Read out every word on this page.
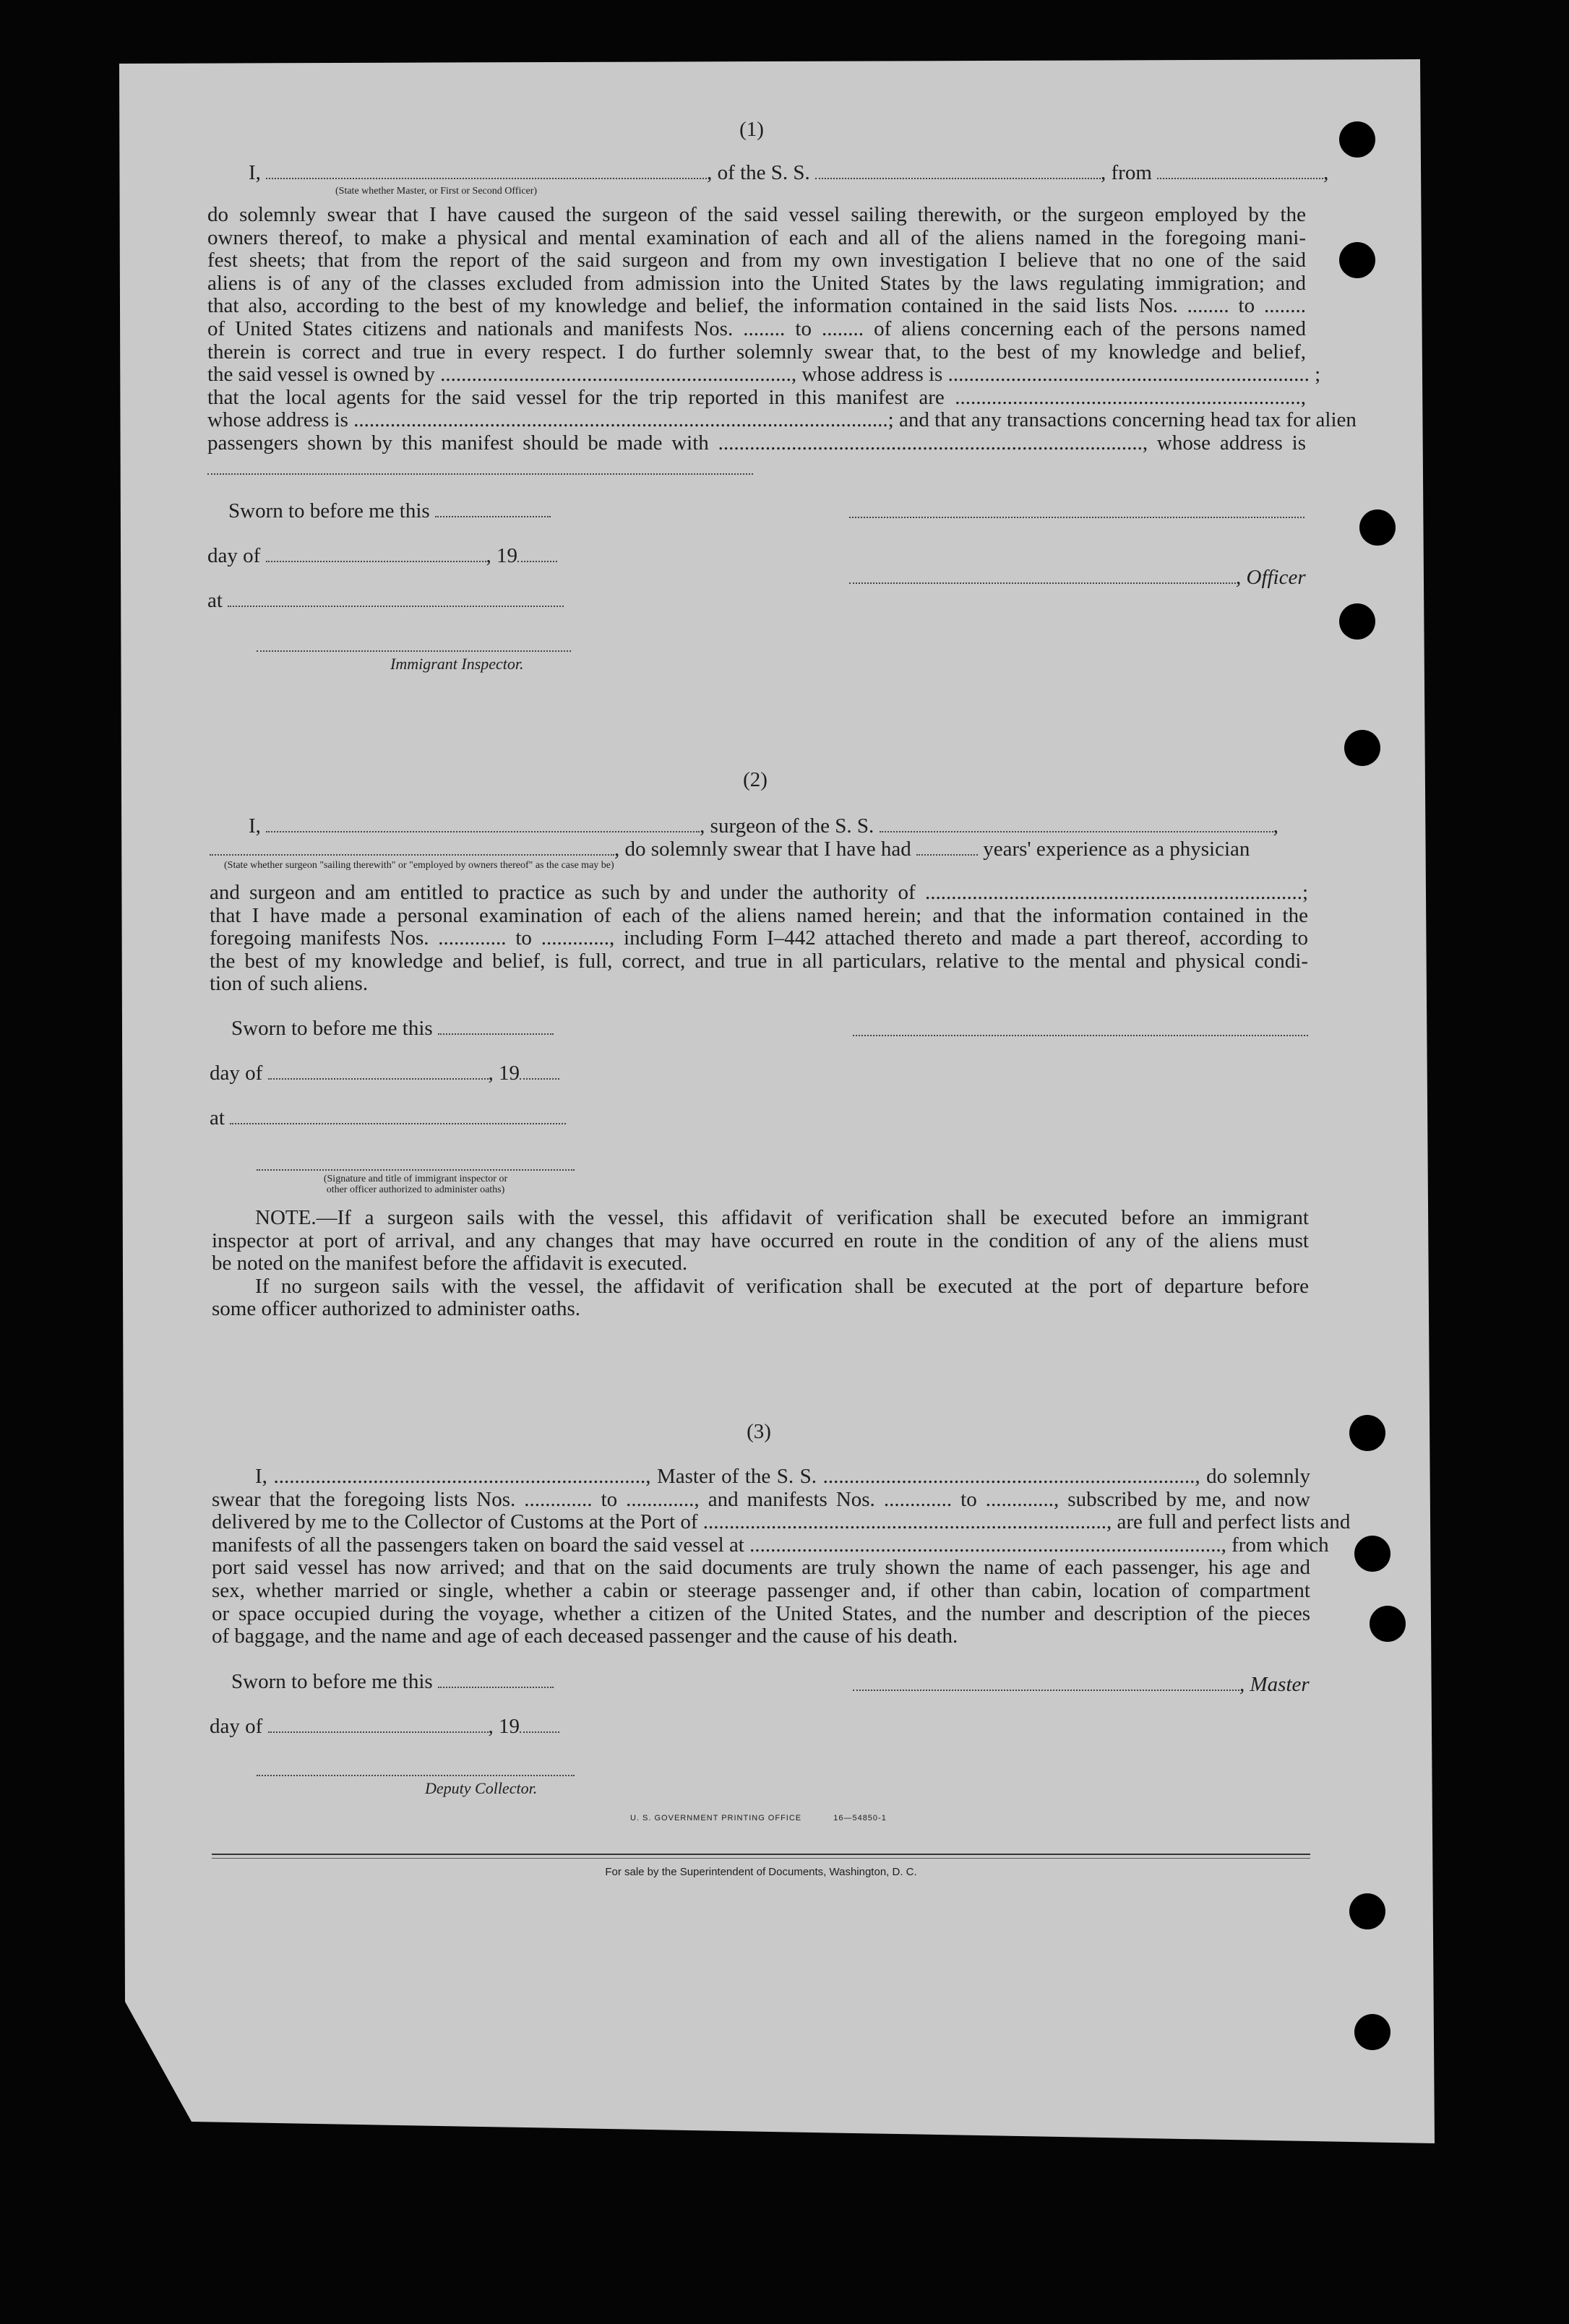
(1)
I,	, of the S. S.	, from	,
(State whether Master, or First or Second Officer)
do solemnly swear that I have caused the surgeon of the said vessel sailing therewith, or the surgeon employed by the
owners thereof, to make a physical and mental examination of each and all of the aliens named in the foregoing mani-
fest sheets; that from the report of the said surgeon and from my own investigation I believe that no one of the said
aliens is of any of the classes excluded from admission into the United States by the laws regulating immigration; and
that also, according to the best of my knowledge and belief, the information contained in the said lists Nos. ........ to ........
of United States citizens and nationals and manifests Nos. ........ to ........ of aliens concerning each of the persons named
therein is correct and true in every respect. I do further solemnly swear that, to the best of my knowledge and belief,
the said vessel is owned by ..................................................................., whose address is ..................................................................... ;
that the local agents for the said vessel for the trip reported in this manifest are ..................................................................,
whose address is ......................................................................................................; and that any transactions concerning head tax for alien
passengers shown by this manifest should be made with ................................................................................., whose address is
Sworn to before me this
day of	, 19
, Officer
at
Immigrant Inspector.
(2)
I,	, surgeon of the S. S.	,
, do solemnly swear that I have had	years' experience as a physician
(State whether surgeon "sailing therewith" or "employed by owners thereof" as the case may be)
and surgeon and am entitled to practice as such by and under the authority of ........................................................................;
that I have made a personal examination of each of the aliens named herein; and that the information contained in the
foregoing manifests Nos. ............. to ............., including Form I–442 attached thereto and made a part thereof, according to
the best of my knowledge and belief, is full, correct, and true in all particulars, relative to the mental and physical condi-
tion of such aliens.
Sworn to before me this
day of	, 19
at
(Signature and title of immigrant inspector or
other officer authorized to administer oaths)
NOTE.—If a surgeon sails with the vessel, this affidavit of verification shall be executed before an immigrant
inspector at port of arrival, and any changes that may have occurred en route in the condition of any of the aliens must
be noted on the manifest before the affidavit is executed.
If no surgeon sails with the vessel, the affidavit of verification shall be executed at the port of departure before
some officer authorized to administer oaths.
(3)
I, ......................................................................., Master of the S. S. ......................................................................., do solemnly
swear that the foregoing lists Nos. ............. to ............., and manifests Nos. ............. to ............., subscribed by me, and now
delivered by me to the Collector of Customs at the Port of ............................................................................., are full and perfect lists and
manifests of all the passengers taken on board the said vessel at .........................................................................................., from which
port said vessel has now arrived; and that on the said documents are truly shown the name of each passenger, his age and
sex, whether married or single, whether a cabin or steerage passenger and, if other than cabin, location of compartment
or space occupied during the voyage, whether a citizen of the United States, and the number and description of the pieces
of baggage, and the name and age of each deceased passenger and the cause of his death.
Sworn to before me this	, Master
day of	, 19
Deputy Collector.
U. S. GOVERNMENT PRINTING OFFICE	16—54850-1
For sale by the Superintendent of Documents, Washington, D. C.
